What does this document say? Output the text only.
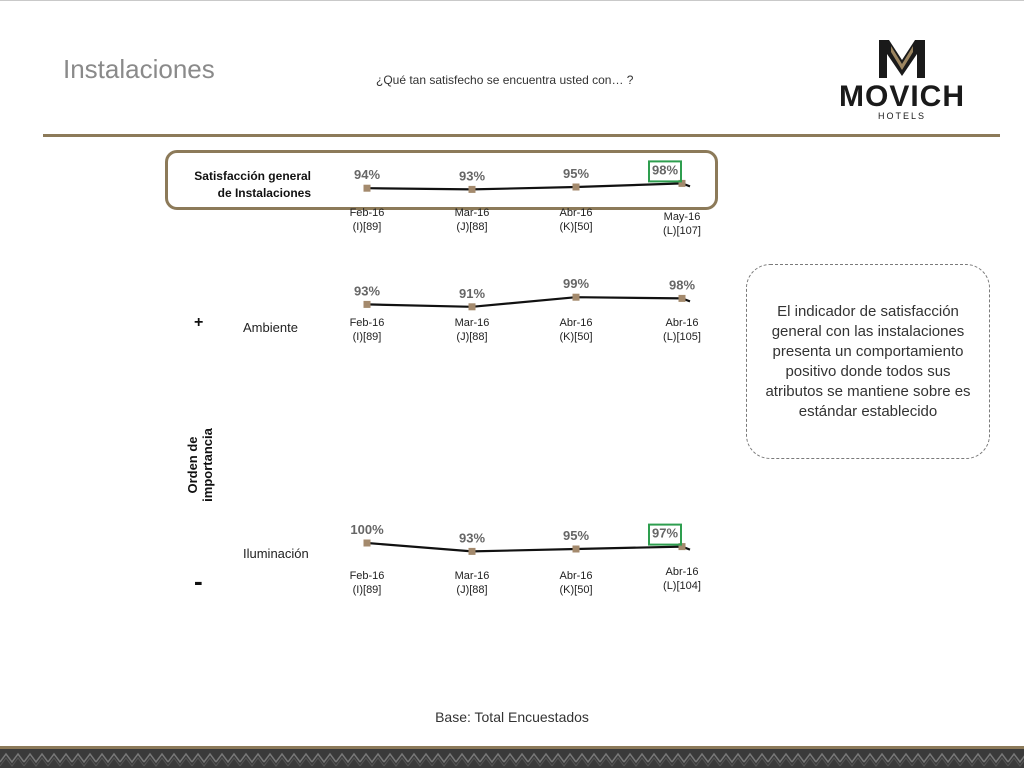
Instalaciones	¿Qué tan satisfecho se encuentra usted con… ?	MOVICH
HOTELS
Satisfacción general
de Instalaciones
Ambiente
Iluminación
+
-
Orden de importancia
94%
Feb-16
(I)[89]
93%
Mar-16
(J)[88]
95%
Abr-16
(K)[50]
98%
May-16
(L)[107]
93%
Feb-16
(I)[89]
91%
Mar-16
(J)[88]
99%
Abr-16
(K)[50]
98%
Abr-16
(L)[105]
100%
Feb-16
(I)[89]
93%
Mar-16
(J)[88]
95%
Abr-16
(K)[50]
97%
Abr-16
(L)[104]
El indicador de satisfacción general con las instalaciones presenta un comportamiento positivo donde todos sus atributos se mantiene sobre es estándar establecido
Base: Total Encuestados
